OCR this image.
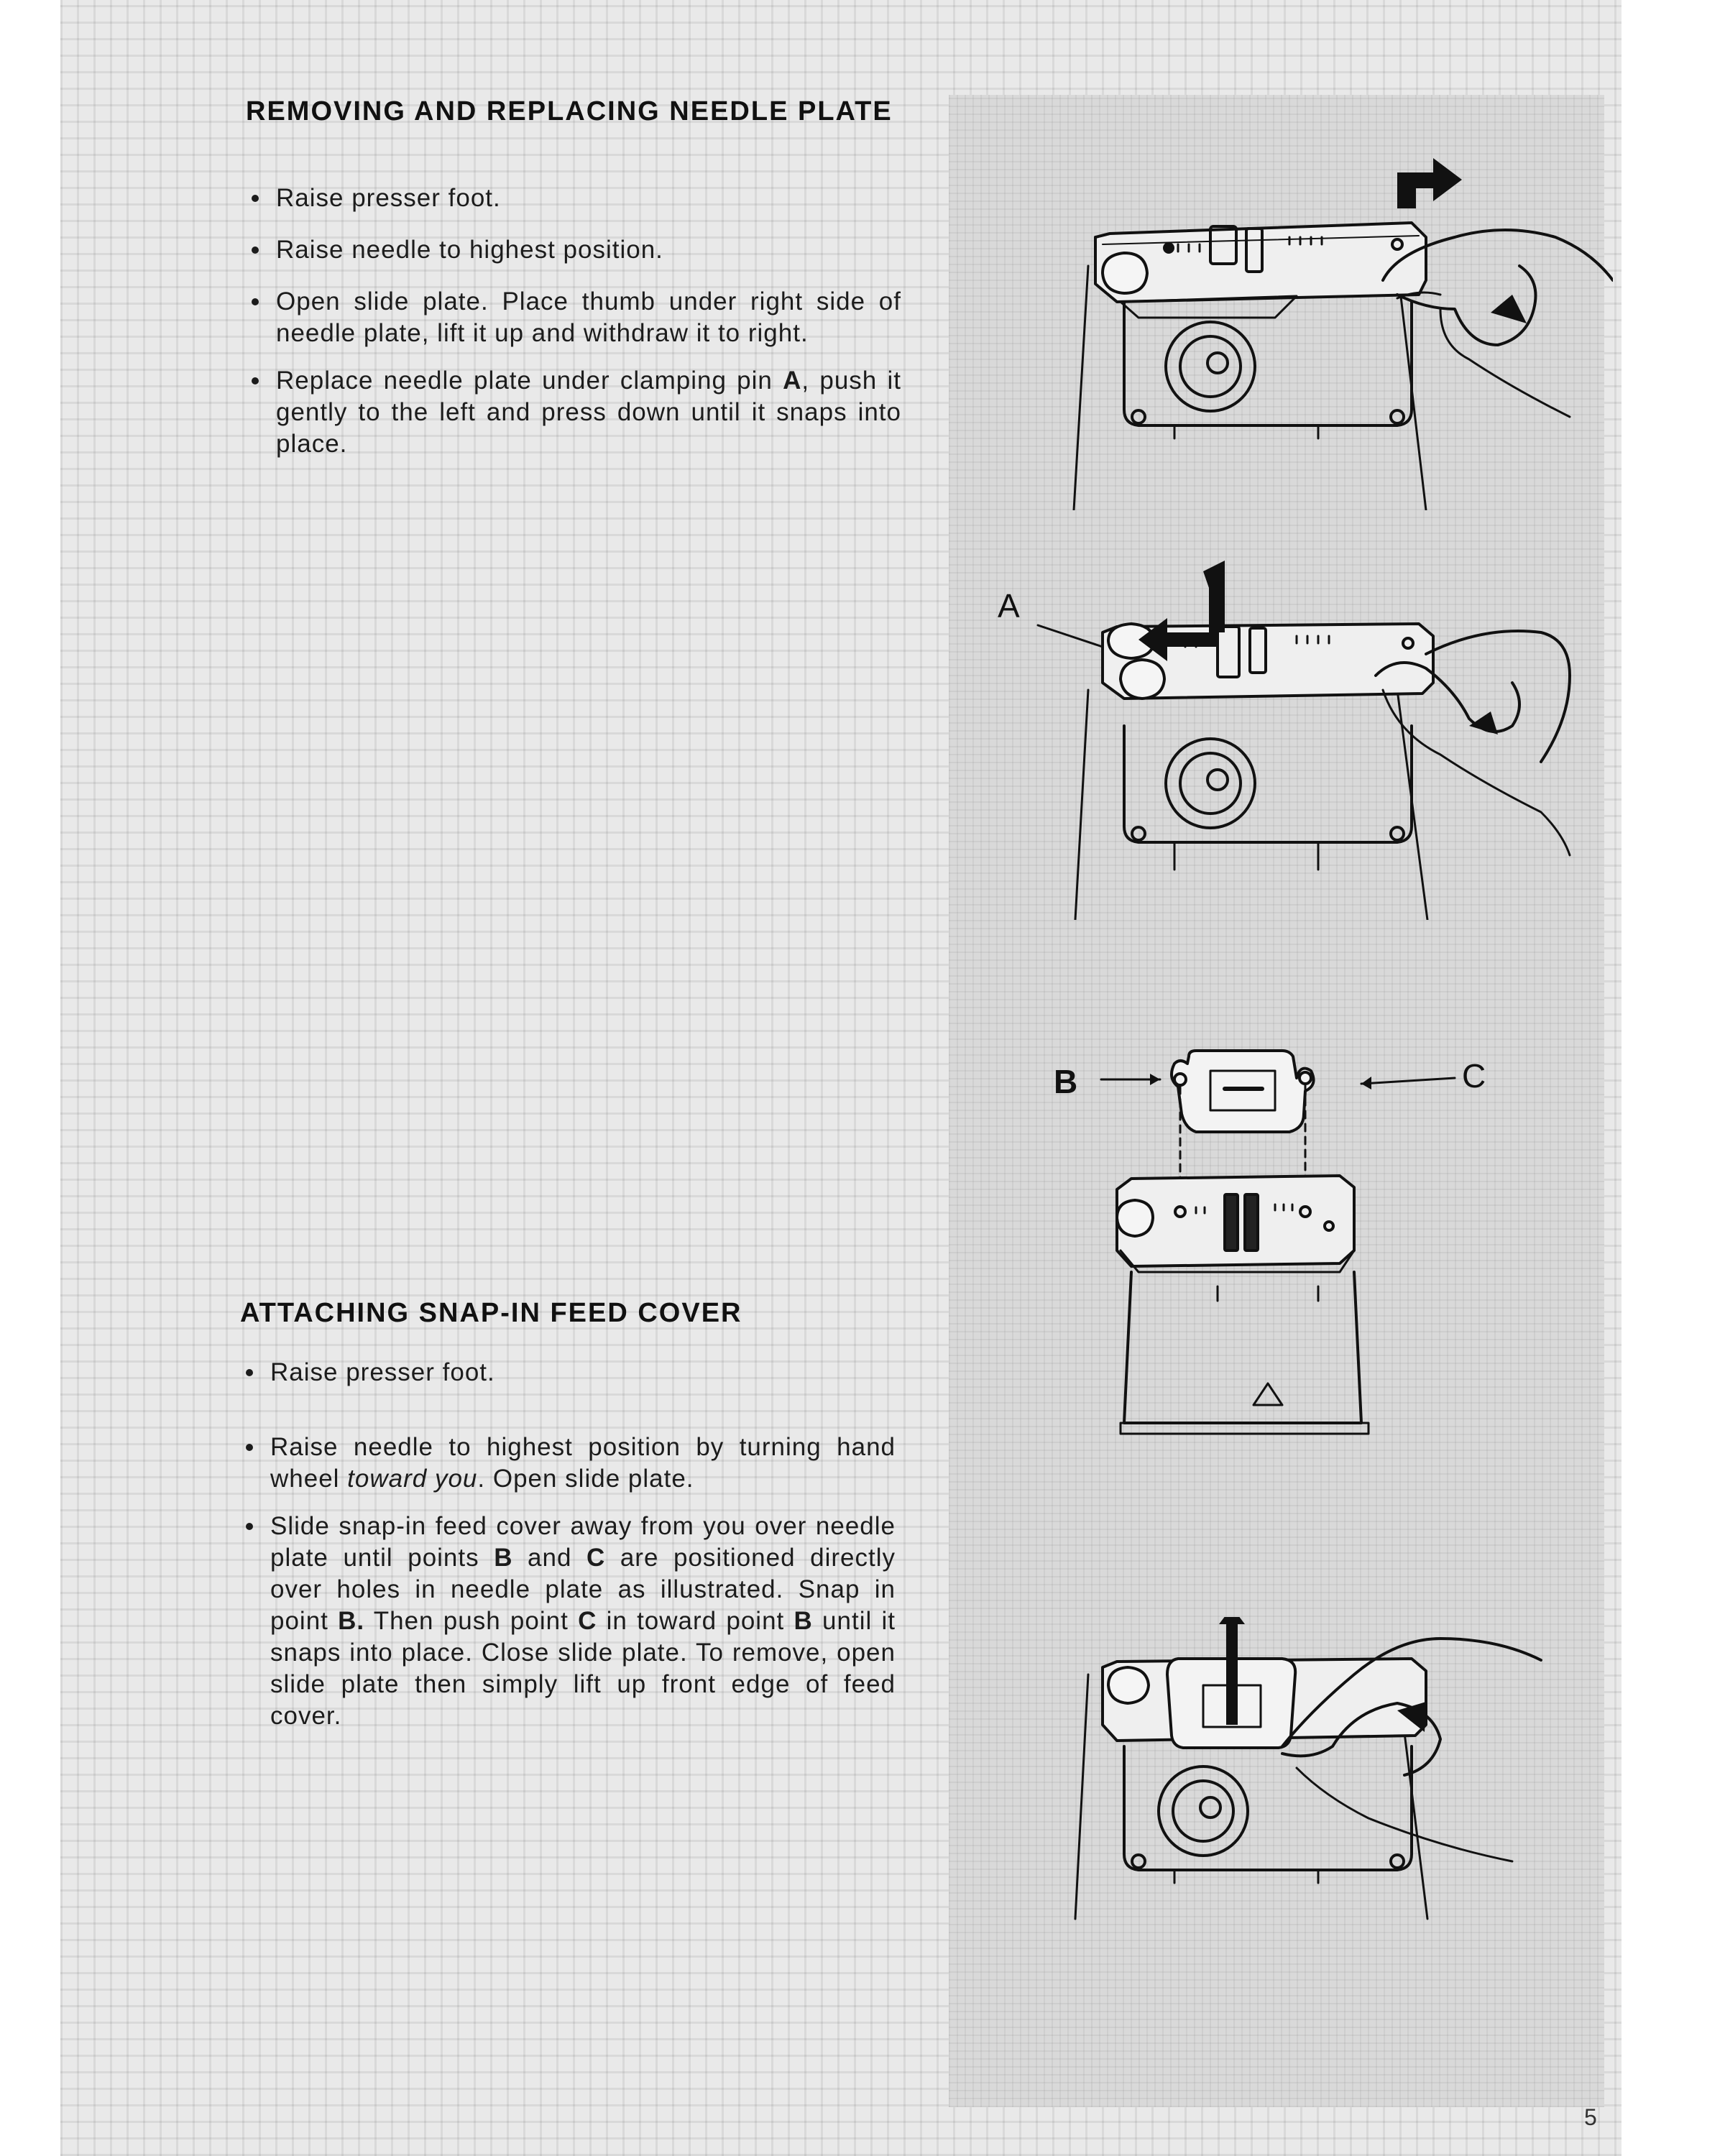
REMOVING AND REPLACING NEEDLE PLATE
Raise presser foot.
Raise needle to highest position.
Open slide plate. Place thumb under right side of needle plate, lift it up and withdraw it to right.
Replace needle plate under clamping pin A, push it gently to the left and press down until it snaps into place.
ATTACHING SNAP-IN FEED COVER
Raise presser foot.
Raise needle to highest position by turning hand wheel toward you. Open slide plate.
Slide snap-in feed cover away from you over needle plate until points B and C are positioned directly over holes in needle plate as illustrated. Snap in point B. Then push point C in toward point B until it snaps into place. Close slide plate. To remove, open slide plate then simply lift up front edge of feed cover.

A

B	C

5
